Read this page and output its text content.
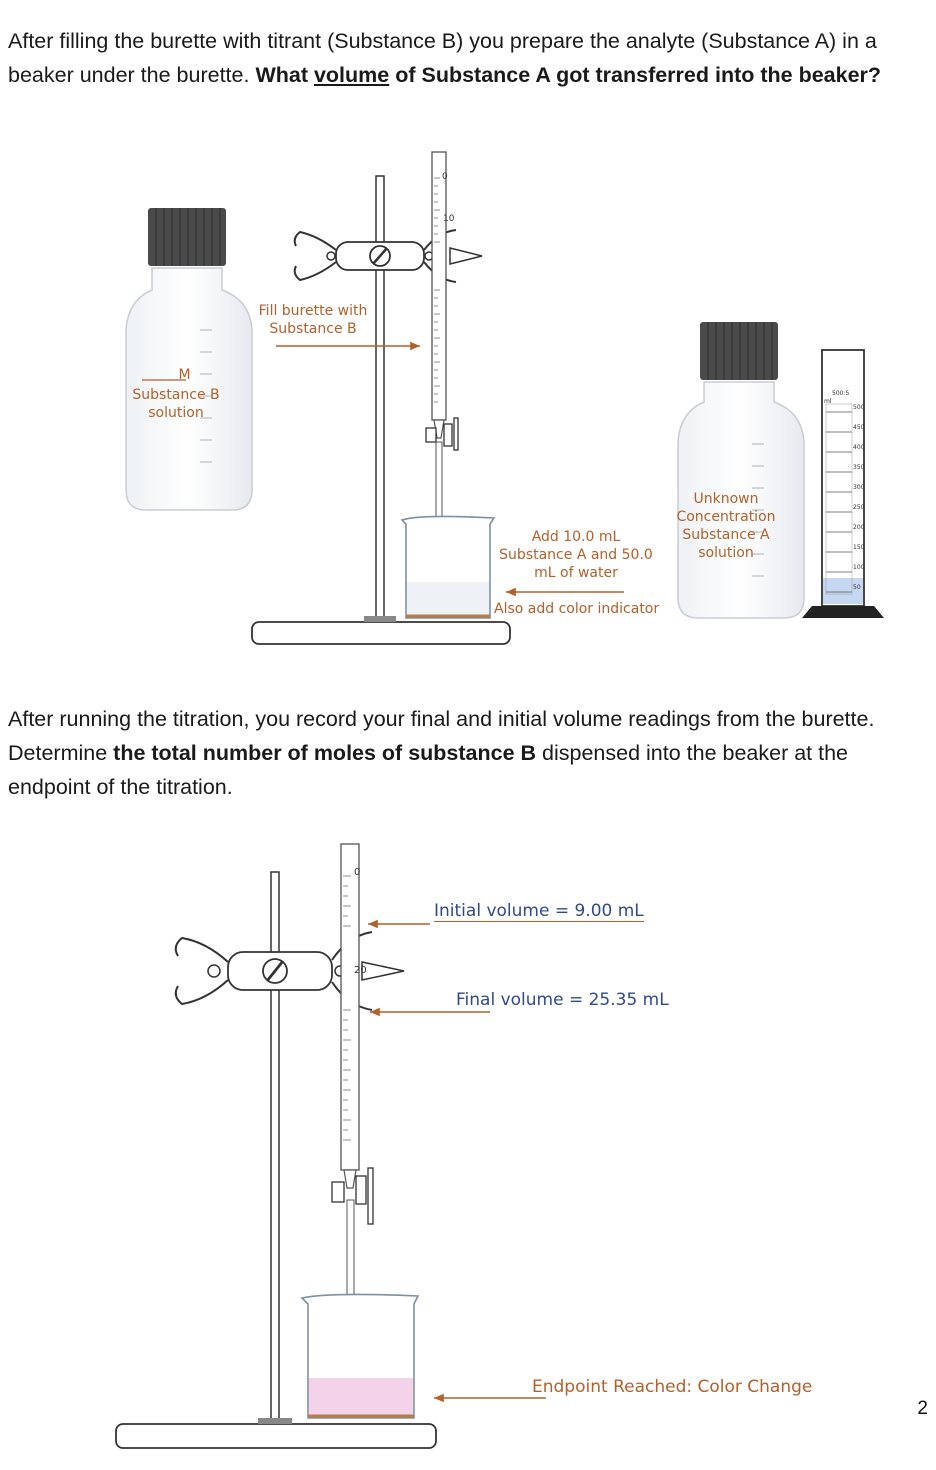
After filling the burette with titrant (Substance B) you prepare the analyte (Substance A) in a beaker under the burette. What volume of Substance A got transferred into the beaker?
0
10
0
20
M
Substance B
solution
Fill burette with
Substance B
Add 10.0 mL
Substance A and 50.0
mL of water
Also add color indicator
Unknown
Concentration
Substance A
solution
500:5
ml
500
450
400
350
300
250
200
150
100
50
After running the titration, you record your final and initial volume readings from the burette. Determine the total number of moles of substance B dispensed into the beaker at the endpoint of the titration.
Initial volume = 9.00 mL
Final volume = 25.35 mL
Endpoint Reached: Color Change
2
